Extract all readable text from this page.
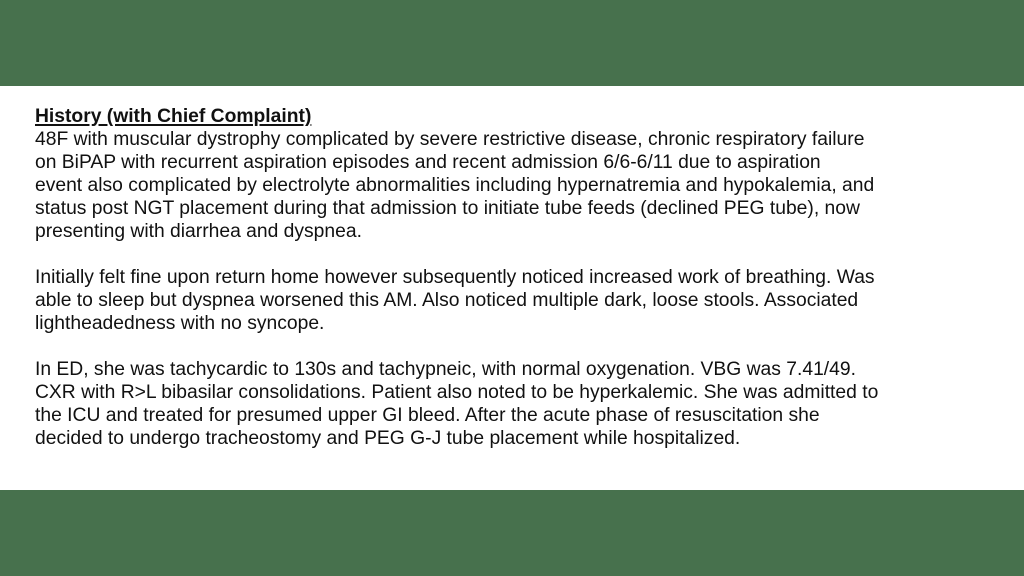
History (with Chief Complaint)

48F with muscular dystrophy complicated by severe restrictive disease, chronic respiratory failure
on BiPAP with recurrent aspiration episodes and recent admission 6/6-6/11 due to aspiration
event also complicated by electrolyte abnormalities including hypernatremia and hypokalemia, and
status post NGT placement during that admission to initiate tube feeds (declined PEG tube), now
presenting with diarrhea and dyspnea.

Initially felt fine upon return home however subsequently noticed increased work of breathing. Was
able to sleep but dyspnea worsened this AM. Also noticed multiple dark, loose stools. Associated
lightheadedness with no syncope.

In ED, she was tachycardic to 130s and tachypneic, with normal oxygenation. VBG was 7.41/49.
CXR with R>L bibasilar consolidations. Patient also noted to be hyperkalemic. She was admitted to
the ICU and treated for presumed upper GI bleed. After the acute phase of resuscitation she
decided to undergo tracheostomy and PEG G-J tube placement while hospitalized.
